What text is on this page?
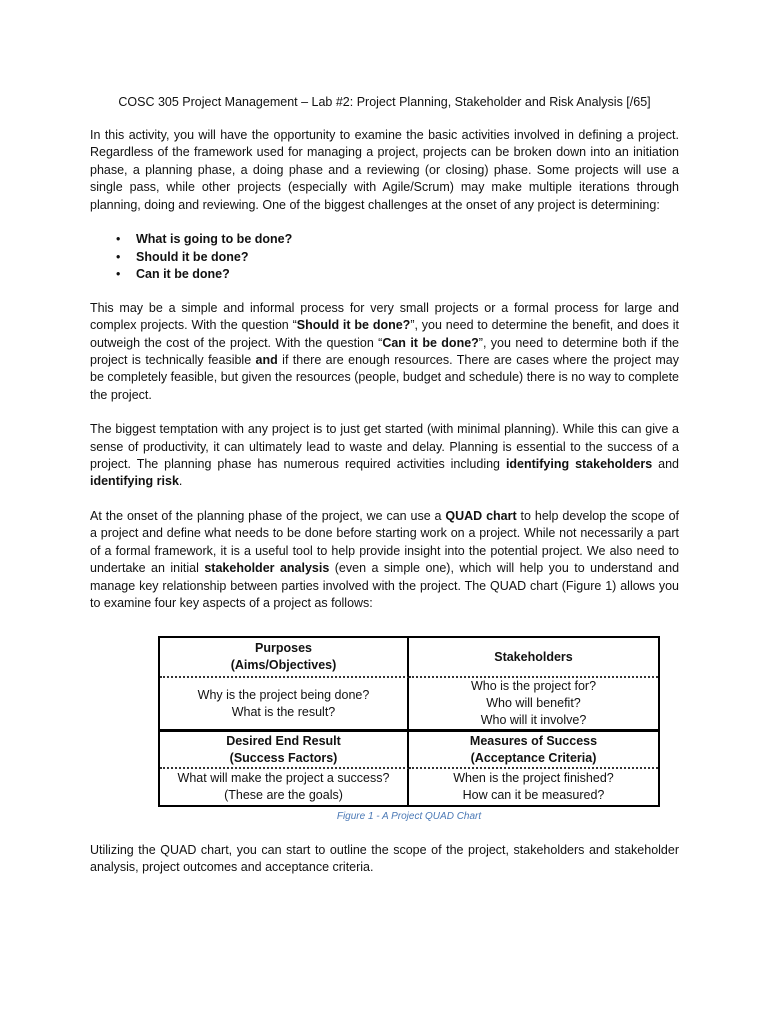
COSC 305 Project Management – Lab #2: Project Planning, Stakeholder and Risk Analysis [/65]

In this activity, you will have the opportunity to examine the basic activities involved in defining a project. Regardless of the framework used for managing a project, projects can be broken down into an initiation phase, a planning phase, a doing phase and a reviewing (or closing) phase. Some projects will use a single pass, while other projects (especially with Agile/Scrum) may make multiple iterations through planning, doing and reviewing. One of the biggest challenges at the onset of any project is determining:

• What is going to be done?
• Should it be done?
• Can it be done?

This may be a simple and informal process for very small projects or a formal process for large and complex projects. With the question “Should it be done?”, you need to determine the benefit, and does it outweigh the cost of the project. With the question “Can it be done?”, you need to determine both if the project is technically feasible and if there are enough resources. There are cases where the project may be completely feasible, but given the resources (people, budget and schedule) there is no way to complete the project.

The biggest temptation with any project is to just get started (with minimal planning). While this can give a sense of productivity, it can ultimately lead to waste and delay. Planning is essential to the success of a project. The planning phase has numerous required activities including identifying stakeholders and identifying risk.

At the onset of the planning phase of the project, we can use a QUAD chart to help develop the scope of a project and define what needs to be done before starting work on a project. While not necessarily a part of a formal framework, it is a useful tool to help provide insight into the potential project. We also need to undertake an initial stakeholder analysis (even a simple one), which will help you to understand and manage key relationship between parties involved with the project. The QUAD chart (Figure 1) allows you to examine four key aspects of a project as follows:

Purposes
(Aims/Objectives)
Stakeholders
Why is the project being done?
What is the result?
Who is the project for?
Who will benefit?
Who will it involve?
Desired End Result
(Success Factors)
Measures of Success
(Acceptance Criteria)
What will make the project a success?
(These are the goals)
When is the project finished?
How can it be measured?
Figure 1 - A Project QUAD Chart

Utilizing the QUAD chart, you can start to outline the scope of the project, stakeholders and stakeholder analysis, project outcomes and acceptance criteria.
